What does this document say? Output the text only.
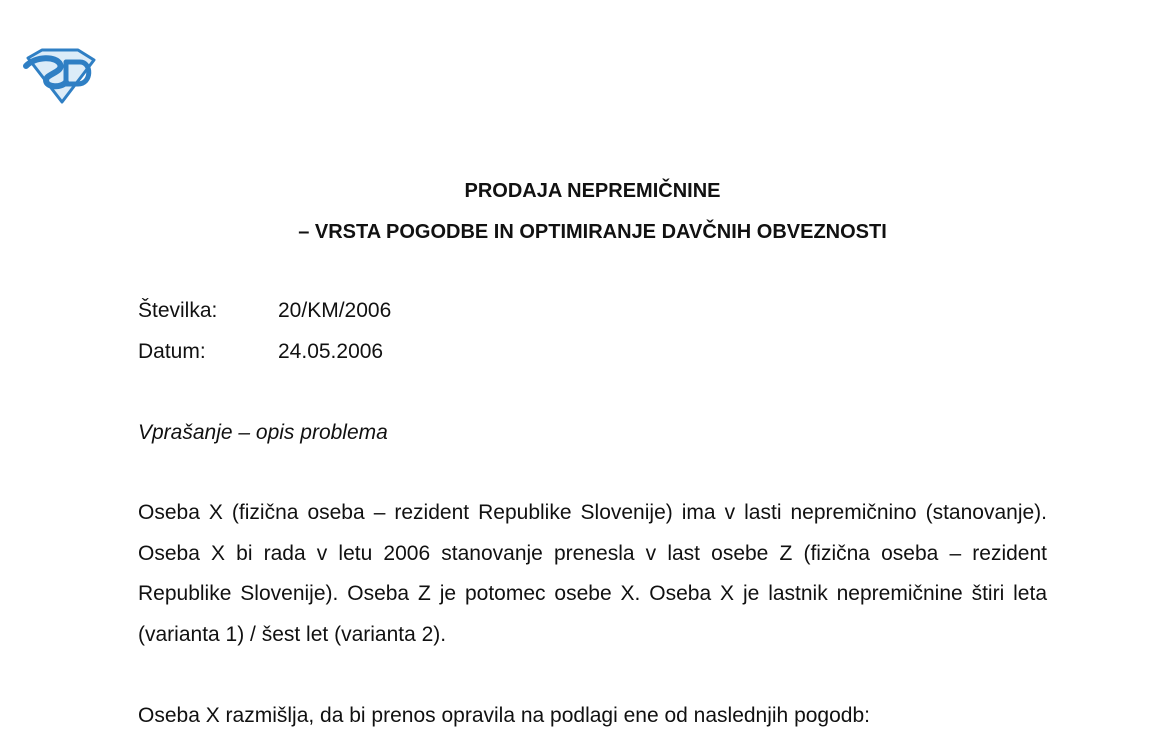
SD
PRODAJA NEPREMIČNINE
– VRSTA POGODBE IN OPTIMIRANJE DAVČNIH OBVEZNOSTI
Številka:	20/KM/2006
Datum:	24.05.2006
Vprašanje – opis problema
Oseba X (fizična oseba – rezident Republike Slovenije) ima v lasti nepremičnino (stanovanje). Oseba X bi rada v letu 2006 stanovanje prenesla v last osebe Z (fizična oseba – rezident Republike Slovenije). Oseba Z je potomec osebe X. Oseba X je lastnik nepremičnine štiri leta (varianta 1) / šest let (varianta 2).
Oseba X razmišlja, da bi prenos opravila na podlagi ene od naslednjih pogodb:
